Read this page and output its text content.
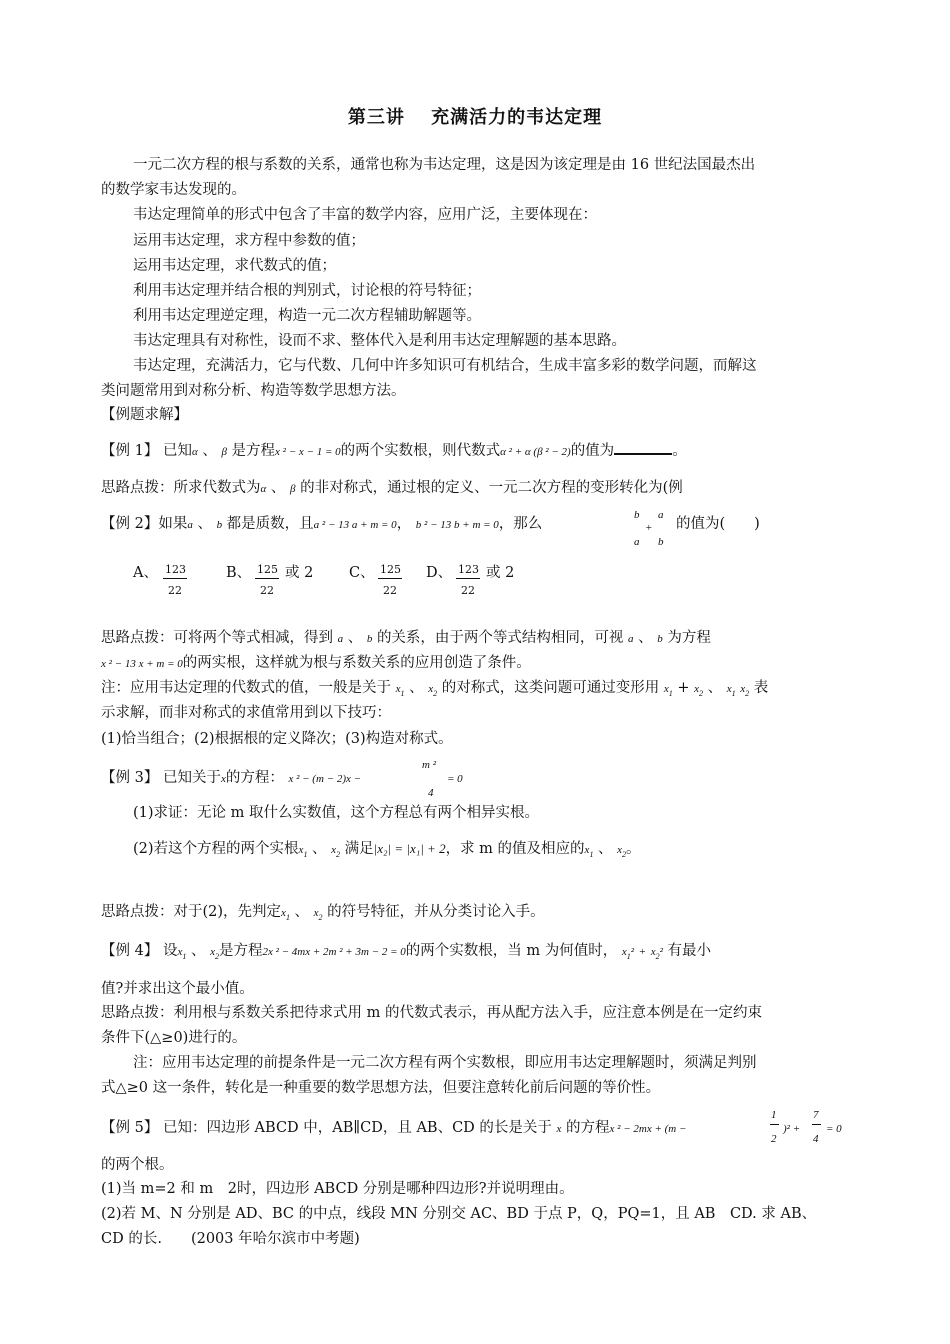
第三讲　 充满活力的韦达定理
一元二次方程的根与系数的关系，通常也称为韦达定理，这是因为该定理是由 16 世纪法国最杰出
的数学家韦达发现的。
韦达定理简单的形式中包含了丰富的数学内容，应用广泛，主要体现在：
运用韦达定理，求方程中参数的值；
运用韦达定理，求代数式的值；
利用韦达定理并结合根的判别式，讨论根的符号特征；
利用韦达定理逆定理，构造一元二次方程辅助解题等。
韦达定理具有对称性，设而不求、整体代入是利用韦达定理解题的基本思路。
韦达定理，充满活力，它与代数、几何中许多知识可有机结合，生成丰富多彩的数学问题，而解这
类问题常用到对称分析、构造等数学思想方法。
【例题求解】
【例 1】 已知α 、 β 是方程x ² − x − 1 = 0的两个实数根，则代数式α ² + α (β ² − 2)的值为	。
思路点拨：所求代数式为α 、 β 的非对称式，通过根的定义、一元二次方程的变形转化为(例
【例 2】如果a 、 b 都是质数，且a ² − 13 a + m = 0， b ² − 13 b + m = 0，那么
b
a
+
a
b
的值为(　　)
A、 123
22
B、 125
22
或 2 C、 125
22
D、 123
22
或 2
思路点拨：可将两个等式相减，得到 a 、 b 的关系，由于两个等式结构相同，可视 a 、 b 为方程
x ² − 13 x + m = 0的两实根，这样就为根与系数关系的应用创造了条件。
注：应用韦达定理的代数式的值，一般是关于 $x_1$ 、 $x_2$ 的对称式，这类问题可通过变形用 $x_1 + x_2$ 、 $x_1$ $x_2$ 表
示求解，而非对称式的求值常用到以下技巧：
(1)恰当组合；(2)根据根的定义降次；(3)构造对称式。
【例 3】 已知关于x的方程： x ² − (m − 2)x −
m ²
4
= 0
(1)求证：无论 m 取什么实数值，这个方程总有两个相异实根。
(2)若这个方程的两个实根$x_1$ 、 $x_2$ 满足|x₂| = |x₁| + 2，求 m 的值及相应的$x_1$ 、 $x_2$。
思路点拨：对于(2)，先判定$x_1$ 、 $x_2$ 的符号特征，并从分类讨论入手。
【例 4】 设$x_1$ 、 $x_2$是方程2x ² − 4mx + 2m ² + 3m − 2 = 0的两个实数根，当 m 为何值时， $x_1^2 + x_2^2$ 有最小
值?并求出这个最小值。
思路点拨：利用根与系数关系把待求式用 m 的代数式表示，再从配方法入手，应注意本例是在一定约束
条件下(△≥0)进行的。
注：应用韦达定理的前提条件是一元二次方程有两个实数根，即应用韦达定理解题时，须满足判别
式△≥0 这一条件，转化是一种重要的数学思想方法，但要注意转化前后问题的等价性。
【例 5】 已知：四边形 ABCD 中，AB∥CD，且 AB、CD 的长是关于 x 的方程x ² − 2mx + (m −
1
2
)² +
7
4
= 0
的两个根。
(1)当 m=2 和 m　2时，四边形 ABCD 分别是哪种四边形?并说明理由。
(2)若 M、N 分别是 AD、BC 的中点，线段 MN 分别交 AC、BD 于点 P，Q，PQ=1，且 AB　CD. 求 AB、
CD 的长.　　(2003 年哈尔滨市中考题)
